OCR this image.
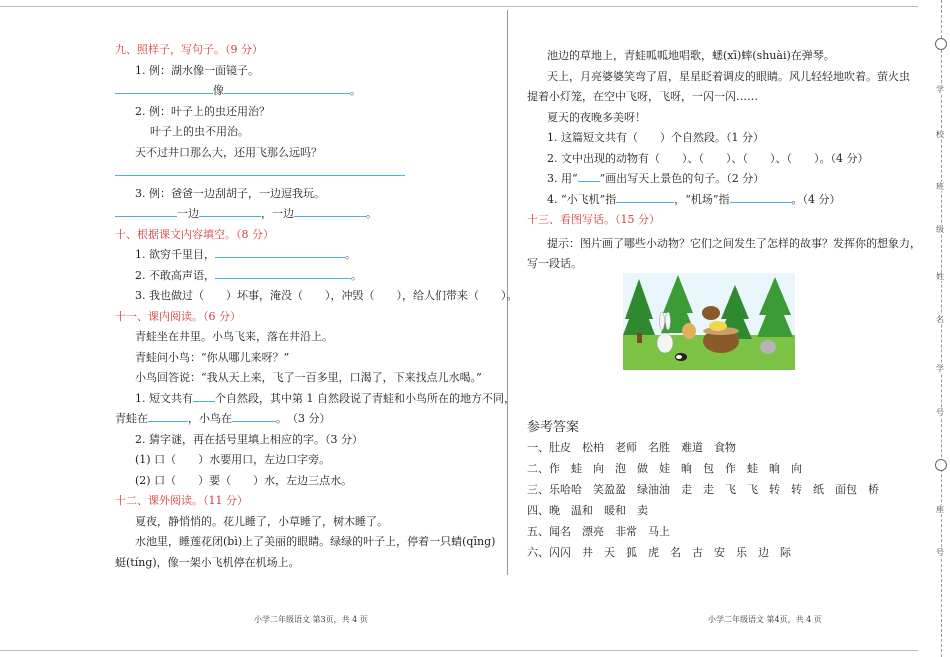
九、照样子，写句子。（9 分）
1. 例：湖水像一面镜子。
像	。
2. 例：叶子上的虫还用治？
叶子上的虫不用治。
天不过井口那么大，还用飞那么远吗？
3. 例：爸爸一边刮胡子，一边逗我玩。
一边	，一边	。
十、根据课文内容填空。（8 分）
1. 欲穷千里目，	。
2. 不敢高声语，	。
3. 我也做过（　　）坏事，淹没（　　），冲毁（　　），给人们带来（　　）。
十一、课内阅读。（6 分）
青蛙坐在井里。小鸟飞来，落在井沿上。
青蛙问小鸟：“你从哪儿来呀？”
小鸟回答说：“我从天上来，飞了一百多里，口渴了，下来找点儿水喝。”
1. 短文共有 个自然段，其中第 1 自然段说了青蛙和小鸟所在的地方不同，
青蛙在	，小鸟在	。　（3 分）
2. 猜字谜，再在括号里填上相应的字。（3 分）
(1) 口（　　）水要用口，左边口字旁。
(2) 口（　　）要（　　）水，左边三点水。
十二、课外阅读。（11 分）
夏夜，静悄悄的。花儿睡了，小草睡了，树木睡了。
水池里，睡莲花闭(bì)上了美丽的眼睛。绿绿的叶子上，停着一只蜻(qīng)
蜓(tíng)，像一架小飞机停在机场上。
池边的草地上，青蛙呱呱地唱歌，蟋(xī)蟀(shuài)在弹琴。
天上，月亮婆婆笑弯了眉，星星眨着调皮的眼睛。风儿轻轻地吹着。萤火虫
提着小灯笼，在空中飞呀，飞呀，一闪一闪……
夏天的夜晚多美呀！
1. 这篇短文共有（　　）个自然段。（1 分）
2. 文中出现的动物有（　　）、（　　）、（　　）、（　　）。（4 分）
3. 用“ ”画出写天上景色的句子。（2 分）
4. “小飞机”指	，“机场”指	。（4 分）
十三、看图写话。（15 分）
提示：图片画了哪些小动物？它们之间发生了怎样的故事？发挥你的想象力，
写一段话。
参考答案
一、肚皮　松柏　老师　名胜　难道　食物
二、作　蛙　向　泡　做　娃　晌　包　作　蛙　晌　向
三、乐哈哈　笑盈盈　绿油油　走　走　飞　飞　转　转　纸　面包　桥
四、晚　温和　暖和　卖
五、闻名　漂亮　非常　马上
六、闪闪　井　天　狐　虎　名　古　安　乐　边　际
小学二年级语文 第3页，共 4 页	小学二年级语文 第4页，共 4 页
学
校
班
级
姓
名
学
号
座
号
